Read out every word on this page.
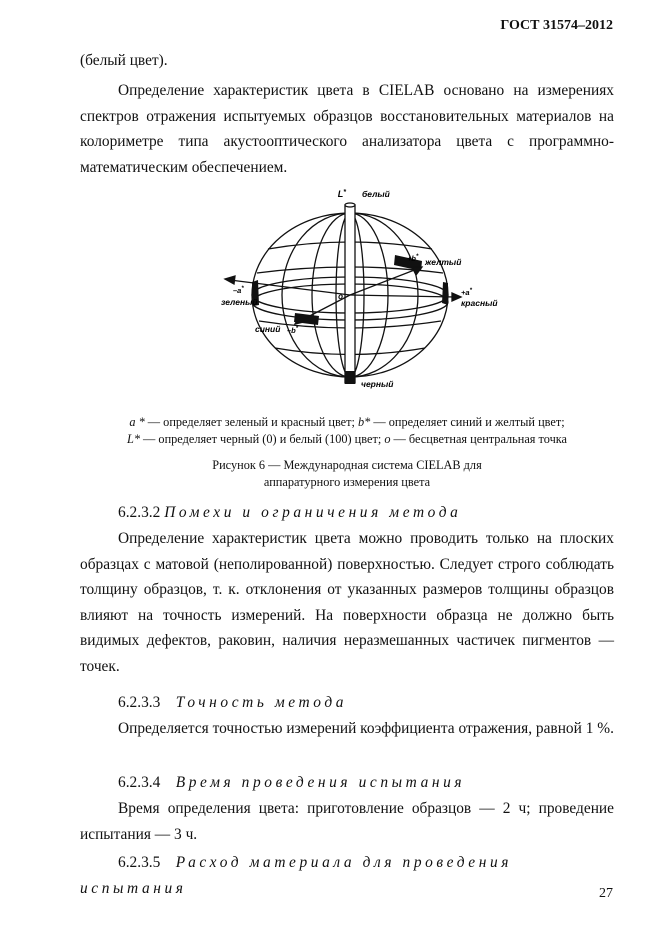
ГОСТ 31574–2012
(белый цвет).
Определение характеристик цвета в CIELAB основано на измерениях спектров отражения испытуемых образцов восстановительных материалов на колориметре типа акустооптического анализатора цвета с программно-математическим обеспечением.
L* белый
черный
желтый
+b*
+a*
красный
–a*
зеленый
синий –b*
o
a * — определяет зеленый и красный цвет; b* — определяет синий и желтый цвет;
L* — определяет черный (0) и белый (100) цвет; o — бесцветная центральная точка
Рисунок 6 — Международная система CIELAB для
аппаратурного измерения цвета
6.2.3.2 Помехи и ограничения метода
Определение характеристик цвета можно проводить только на плоских образцах с матовой (неполированной) поверхностью. Следует строго соблюдать толщину образцов, т. к. отклонения от указанных размеров толщины образцов влияют на точность измерений. На поверхности образца не должно быть видимых дефектов, раковин, наличия неразмешанных частичек пигментов — точек.
6.2.3.3 Точность метода
Определяется точностью измерений коэффициента отражения, равной 1 %.
6.2.3.4 Время проведения испытания
Время определения цвета: приготовление образцов — 2 ч; проведение испытания — 3 ч.
6.2.3.5 Расход материала для проведения испытания	27
